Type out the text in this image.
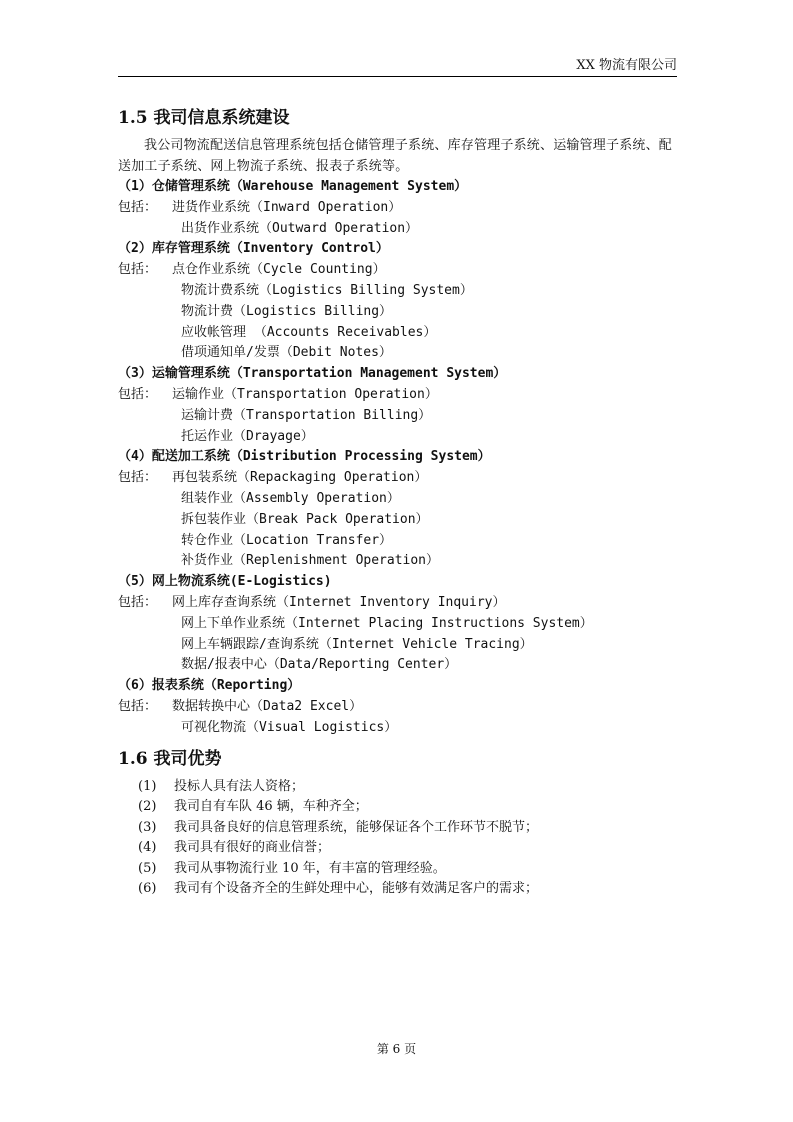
XX 物流有限公司
1.5 我司信息系统建设

我公司物流配送信息管理系统包括仓储管理子系统、库存管理子系统、运输管理子系统、配送加工子系统、网上物流子系统、报表子系统等。

（1）仓储管理系统（Warehouse Management System）
包括： 进货作业系统（Inward Operation）
出货作业系统（Outward Operation）
（2）库存管理系统（Inventory Control）
包括： 点仓作业系统（Cycle Counting）
物流计费系统（Logistics Billing System）
物流计费（Logistics Billing）
应收帐管理 （Accounts Receivables）
借项通知单/发票（Debit Notes）
（3）运输管理系统（Transportation Management System）
包括： 运输作业（Transportation Operation）
运输计费（Transportation Billing）
托运作业（Drayage）
（4）配送加工系统（Distribution Processing System）
包括： 再包装系统（Repackaging Operation）
组装作业（Assembly Operation）
拆包装作业（Break Pack Operation）
转仓作业（Location Transfer）
补货作业（Replenishment Operation）
（5）网上物流系统(E-Logistics)
包括： 网上库存查询系统（Internet Inventory Inquiry）
网上下单作业系统（Internet Placing Instructions System）
网上车辆跟踪/查询系统（Internet Vehicle Tracing）
数据/报表中心（Data/Reporting Center）
（6）报表系统（Reporting）
包括： 数据转换中心（Data2 Excel）
可视化物流（Visual Logistics）
1.6 我司优势
(1) 投标人具有法人资格；
(2) 我司自有车队 46 辆，车种齐全；
(3) 我司具备良好的信息管理系统，能够保证各个工作环节不脱节；
(4) 我司具有很好的商业信誉；
(5) 我司从事物流行业 10 年，有丰富的管理经验。
(6) 我司有个设备齐全的生鲜处理中心，能够有效满足客户的需求；
第 6 页
